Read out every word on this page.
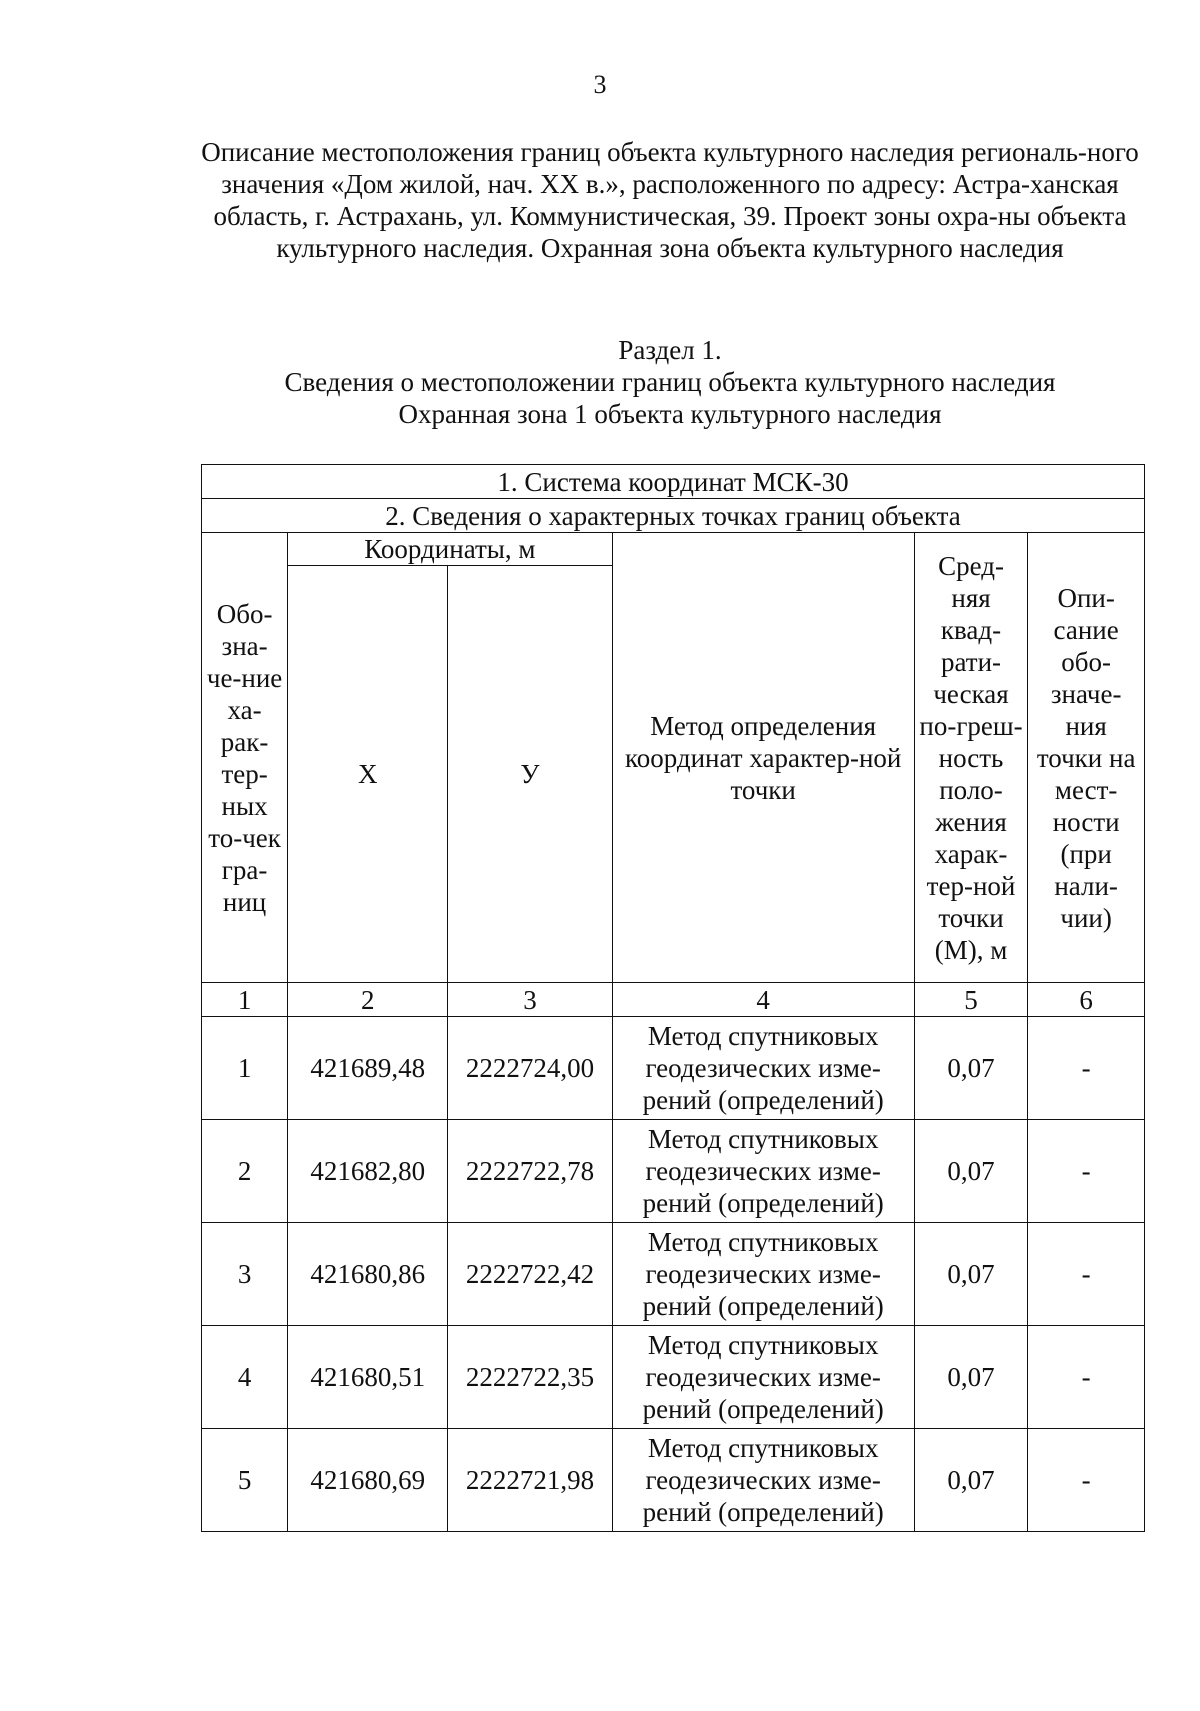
3

Описание местоположения границ объекта культурного наследия региональ-ного значения «Дом жилой, нач. XX в.», расположенного по адресу: Астра-ханская область, г. Астрахань, ул. Коммунистическая, 39. Проект зоны охра-ны объекта культурного наследия. Охранная зона объекта культурного наследия

Раздел 1.
Сведения о местоположении границ объекта культурного наследия
Охранная зона 1 объекта культурного наследия
1. Система координат МСК-30					
2. Сведения о характерных точках границ объекта					
Обо-зна-че-ние ха-рак-тер-ных то-чек гра-ниц	Координаты, м		Метод определения координат характер-ной точки	Сред-няя квад-рати-ческая по-греш-ность поло-жения харак-тер-ной точки (М), м	Опи-сание обо-значе-ния точки на мест-ности (при нали-чии)
	X	У			
1	2	3	4	5	6
1	421689,48	2222724,00	Метод спутниковых геодезических изме-рений (определений)	0,07	-
2	421682,80	2222722,78	Метод спутниковых геодезических изме-рений (определений)	0,07	-
3	421680,86	2222722,42	Метод спутниковых геодезических изме-рений (определений)	0,07	-
4	421680,51	2222722,35	Метод спутниковых геодезических изме-рений (определений)	0,07	-
5	421680,69	2222721,98	Метод спутниковых геодезических изме-рений (определений)	0,07	-
